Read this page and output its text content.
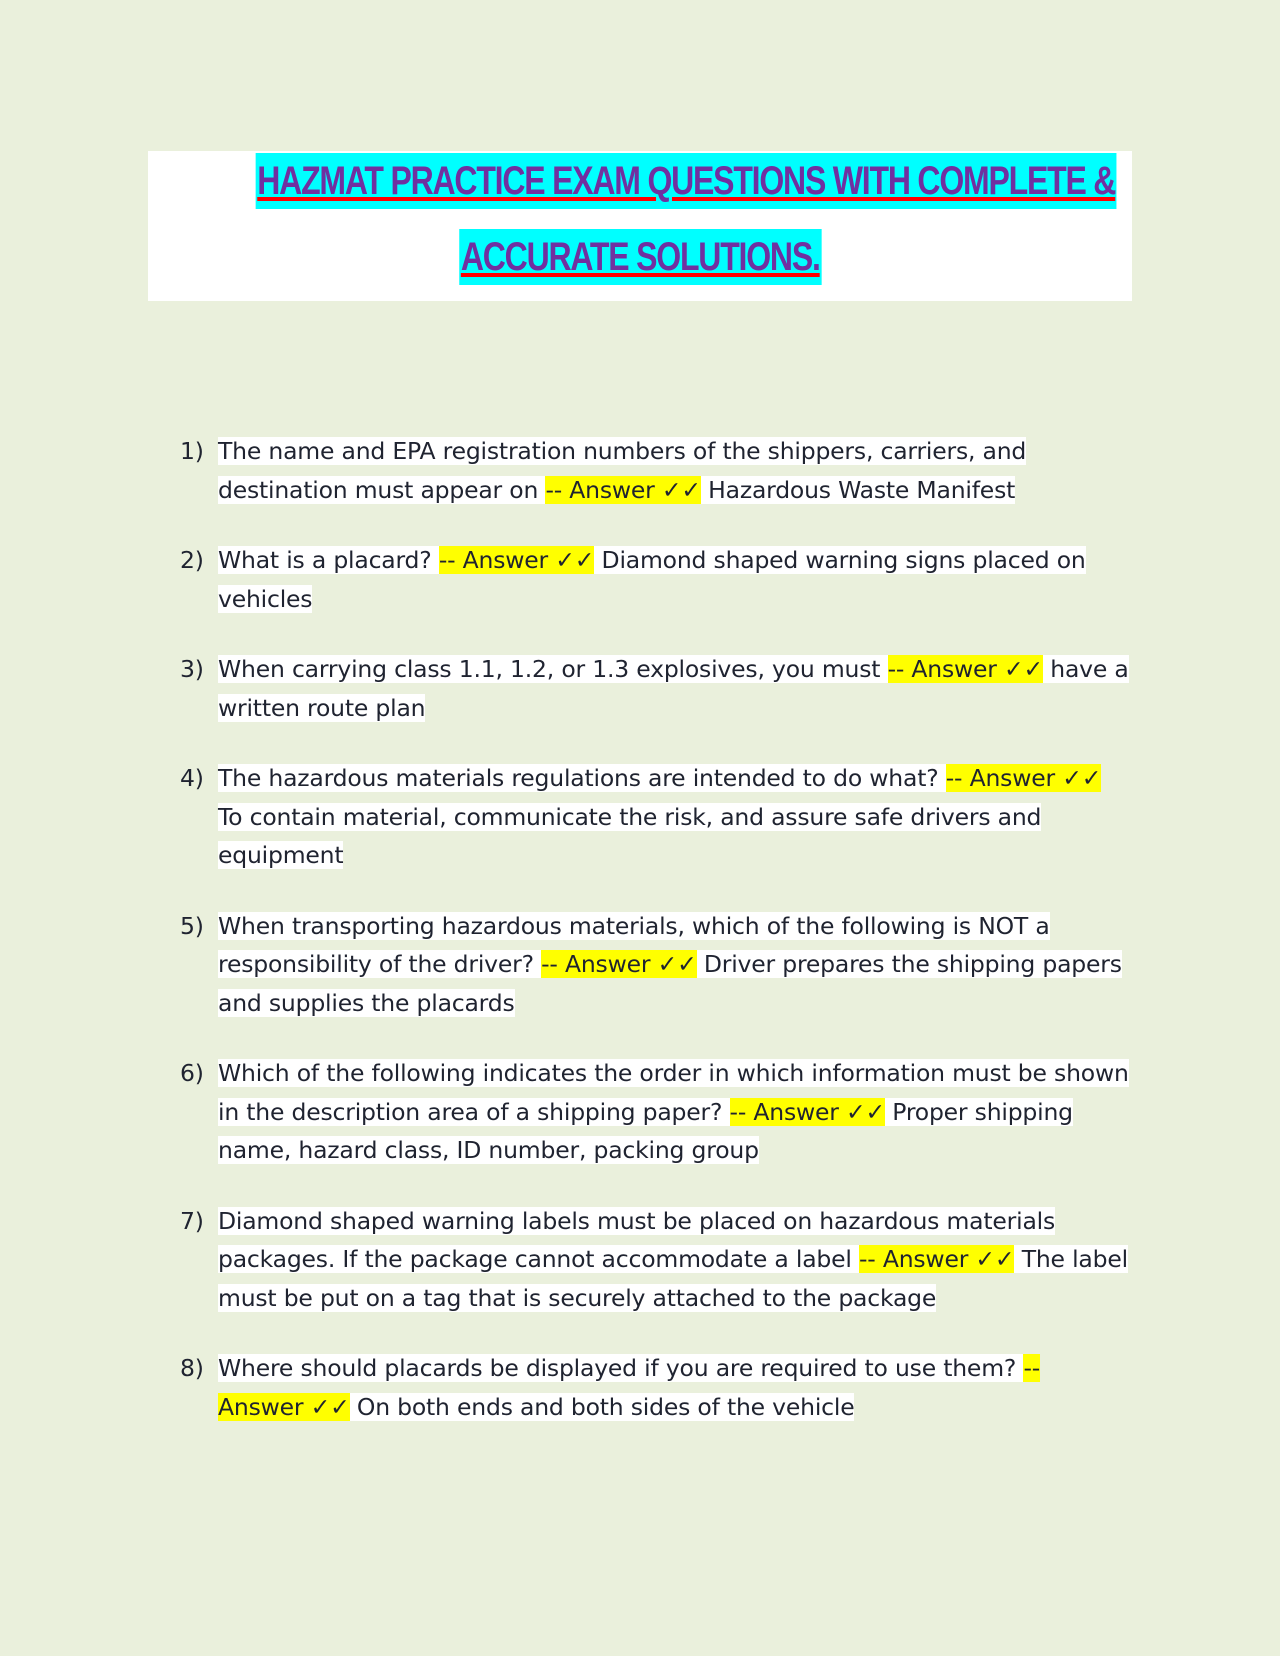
HAZMAT PRACTICE EXAM QUESTIONS WITH COMPLETE &
ACCURATE SOLUTIONS.
1) The name and EPA registration numbers of the shippers, carriers, and destination must appear on -- Answer ✓✓ Hazardous Waste Manifest
2) What is a placard? -- Answer ✓✓ Diamond shaped warning signs placed on vehicles
3) When carrying class 1.1, 1.2, or 1.3 explosives, you must -- Answer ✓✓ have a written route plan
4) The hazardous materials regulations are intended to do what? -- Answer ✓✓ To contain material, communicate the risk, and assure safe drivers and equipment
5) When transporting hazardous materials, which of the following is NOT a responsibility of the driver? -- Answer ✓✓ Driver prepares the shipping papers and supplies the placards
6) Which of the following indicates the order in which information must be shown in the description area of a shipping paper? -- Answer ✓✓ Proper shipping name, hazard class, ID number, packing group
7) Diamond shaped warning labels must be placed on hazardous materials packages. If the package cannot accommodate a label -- Answer ✓✓ The label must be put on a tag that is securely attached to the package
8) Where should placards be displayed if you are required to use them? -- Answer ✓✓ On both ends and both sides of the vehicle
